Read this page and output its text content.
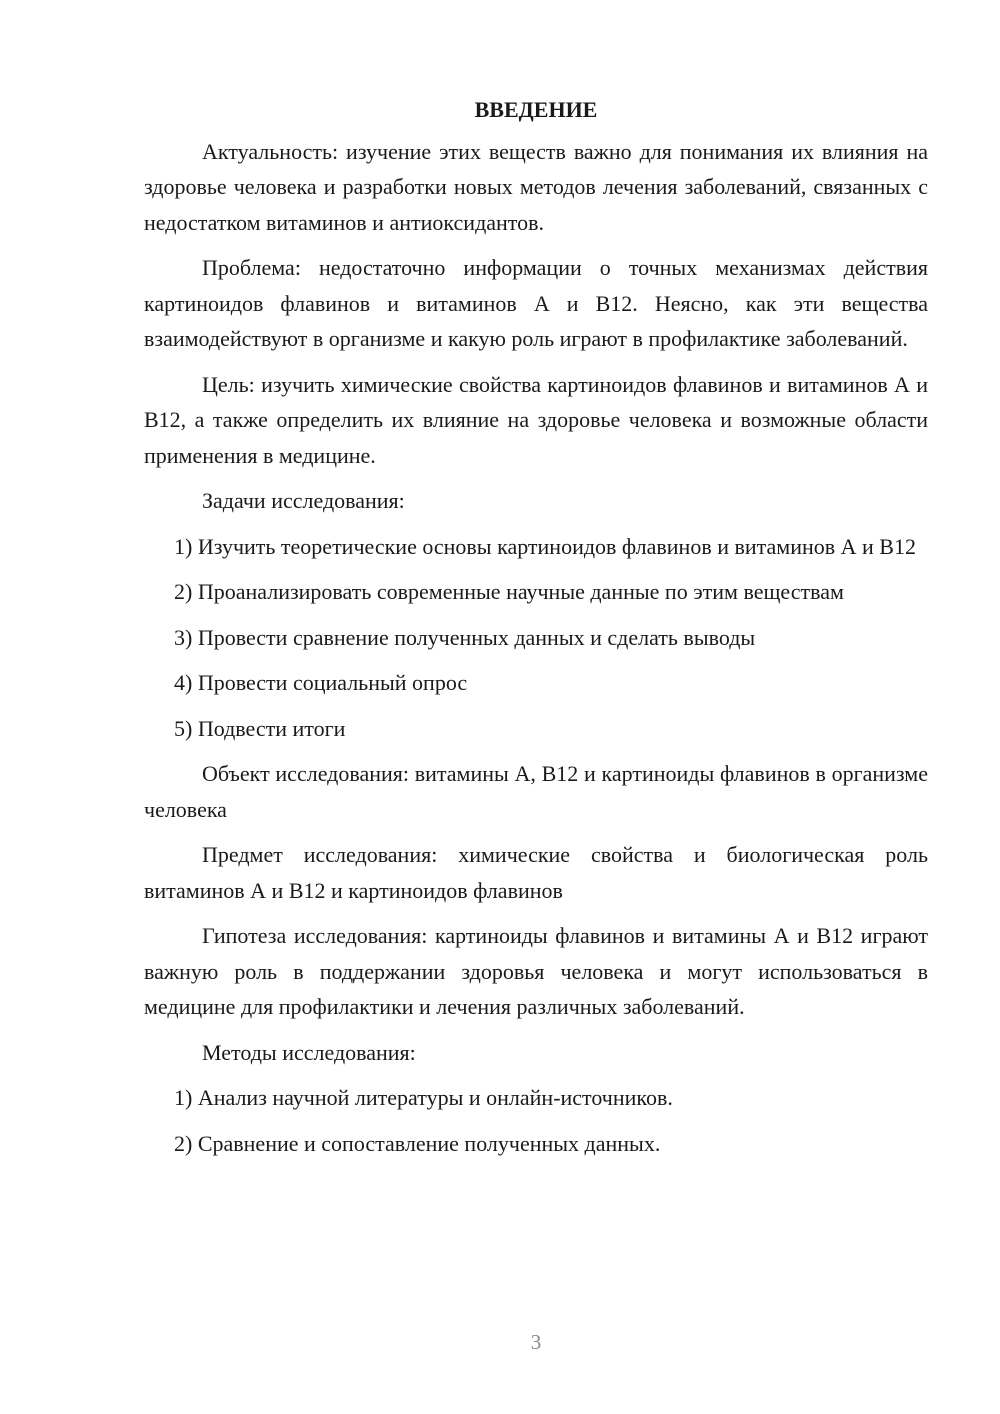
ВВЕДЕНИЕ

Актуальность: изучение этих веществ важно для понимания их влияния на здоровье человека и разработки новых методов лечения заболеваний, связанных с недостатком витаминов и антиоксидантов.

Проблема: недостаточно информации о точных механизмах действия картиноидов флавинов и витаминов А и B12. Неясно, как эти вещества взаимодействуют в организме и какую роль играют в профилактике заболеваний.

Цель: изучить химические свойства картиноидов флавинов и витаминов А и B12, а также определить их влияние на здоровье человека и возможные области применения в медицине.

Задачи исследования:

1) Изучить теоретические основы картиноидов флавинов и витаминов А и B12

2) Проанализировать современные научные данные по этим веществам

3) Провести сравнение полученных данных и сделать выводы

4) Провести социальный опрос

5) Подвести итоги

Объект исследования: витамины А, B12 и картиноиды флавинов в организме человека

Предмет исследования: химические свойства и биологическая роль витаминов А и B12 и картиноидов флавинов

Гипотеза исследования: картиноиды флавинов и витамины А и B12 играют важную роль в поддержании здоровья человека и могут использоваться в медицине для профилактики и лечения различных заболеваний.

Методы исследования:

1) Анализ научной литературы и онлайн-источников.

2) Сравнение и сопоставление полученных данных.

3
